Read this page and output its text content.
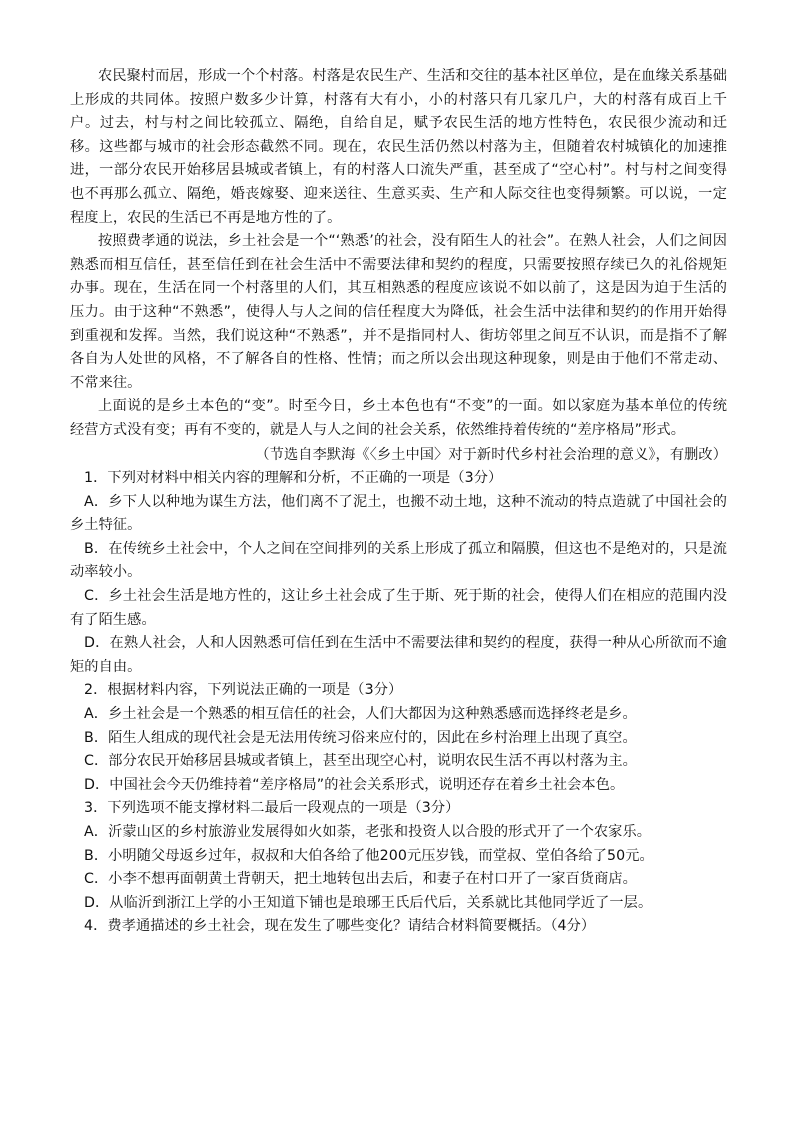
农民聚村而居，形成一个个村落。村落是农民生产、生活和交往的基本社区单位，是在血缘关系基础上形成的共同体。按照户数多少计算，村落有大有小，小的村落只有几家几户，大的村落有成百上千户。过去，村与村之间比较孤立、隔绝，自给自足，赋予农民生活的地方性特色，农民很少流动和迁移。这些都与城市的社会形态截然不同。现在，农民生活仍然以村落为主，但随着农村城镇化的加速推进，一部分农民开始移居县城或者镇上，有的村落人口流失严重，甚至成了“空心村”。村与村之间变得也不再那么孤立、隔绝，婚丧嫁娶、迎来送往、生意买卖、生产和人际交往也变得频繁。可以说，一定程度上，农民的生活已不再是地方性的了。

按照费孝通的说法，乡土社会是一个“‘熟悉’的社会，没有陌生人的社会”。在熟人社会，人们之间因熟悉而相互信任，甚至信任到在社会生活中不需要法律和契约的程度，只需要按照存续已久的礼俗规矩办事。现在，生活在同一个村落里的人们，其互相熟悉的程度应该说不如以前了，这是因为迫于生活的压力。由于这种“不熟悉”，使得人与人之间的信任程度大为降低，社会生活中法律和契约的作用开始得到重视和发挥。当然，我们说这种“不熟悉”，并不是指同村人、街坊邻里之间互不认识，而是指不了解各自为人处世的风格，不了解各自的性格、性情；而之所以会出现这种现象，则是由于他们不常走动、不常来往。

上面说的是乡土本色的“变”。时至今日，乡土本色也有“不变”的一面。如以家庭为基本单位的传统经营方式没有变；再有不变的，就是人与人之间的社会关系，依然维持着传统的“差序格局”形式。

（节选自李默海《〈乡土中国〉对于新时代乡村社会治理的意义》，有删改）

1．下列对材料中相关内容的理解和分析，不正确的一项是（3分）

A．乡下人以种地为谋生方法，他们离不了泥土，也搬不动土地，这种不流动的特点造就了中国社会的乡土特征。

B．在传统乡土社会中，个人之间在空间排列的关系上形成了孤立和隔膜，但这也不是绝对的，只是流动率较小。

C．乡土社会生活是地方性的，这让乡土社会成了生于斯、死于斯的社会，使得人们在相应的范围内没有了陌生感。

D．在熟人社会，人和人因熟悉可信任到在生活中不需要法律和契约的程度，获得一种从心所欲而不逾矩的自由。

2．根据材料内容，下列说法正确的一项是（3分）

A．乡土社会是一个熟悉的相互信任的社会，人们大都因为这种熟悉感而选择终老是乡。

B．陌生人组成的现代社会是无法用传统习俗来应付的，因此在乡村治理上出现了真空。

C．部分农民开始移居县城或者镇上，甚至出现空心村，说明农民生活不再以村落为主。

D．中国社会今天仍维持着“差序格局”的社会关系形式，说明还存在着乡土社会本色。

3．下列选项不能支撑材料二最后一段观点的一项是（3分）

A．沂蒙山区的乡村旅游业发展得如火如荼，老张和投资人以合股的形式开了一个农家乐。

B．小明随父母返乡过年，叔叔和大伯各给了他200元压岁钱，而堂叔、堂伯各给了50元。

C．小李不想再面朝黄土背朝天，把土地转包出去后，和妻子在村口开了一家百货商店。

D．从临沂到浙江上学的小王知道下铺也是琅琊王氏后代后，关系就比其他同学近了一层。

4．费孝通描述的乡土社会，现在发生了哪些变化？请结合材料简要概括。（4分）
